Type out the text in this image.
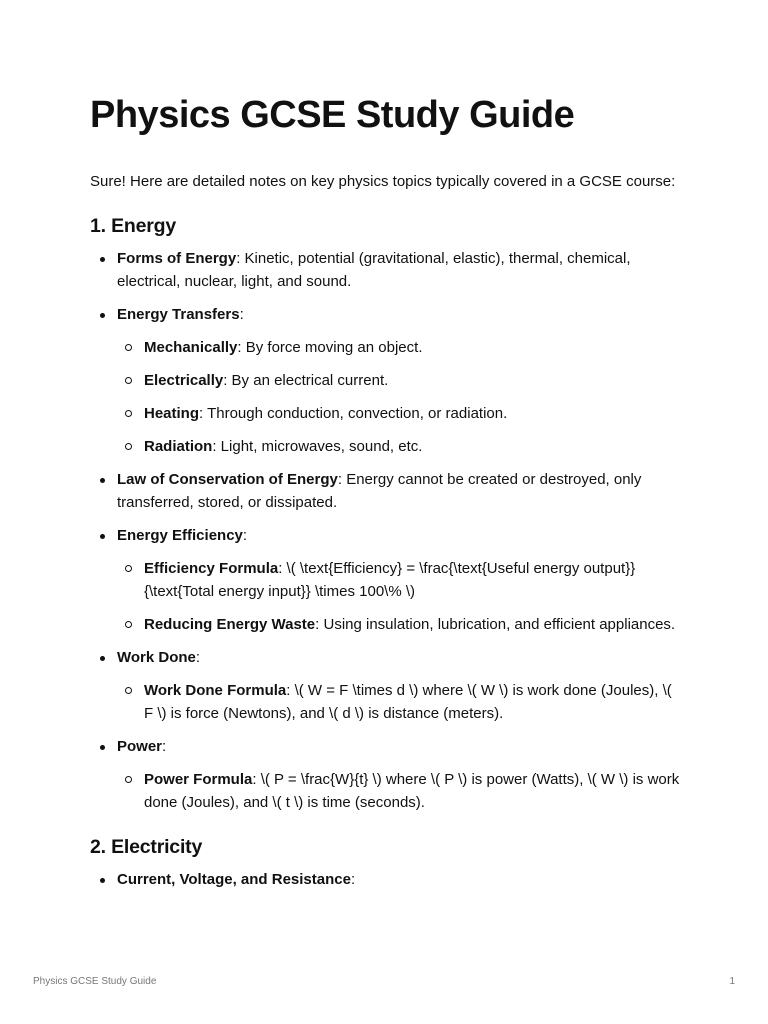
Physics GCSE Study Guide

Sure! Here are detailed notes on key physics topics typically covered in a GCSE course:

1. Energy
Forms of Energy: Kinetic, potential (gravitational, elastic), thermal, chemical, electrical, nuclear, light, and sound.
Energy Transfers:
Mechanically: By force moving an object.
Electrically: By an electrical current.
Heating: Through conduction, convection, or radiation.
Radiation: Light, microwaves, sound, etc.
Law of Conservation of Energy: Energy cannot be created or destroyed, only transferred, stored, or dissipated.
Energy Efficiency:
Efficiency Formula: \( \text{Efficiency} = \frac{\text{Useful energy output}}{\text{Total energy input}} \times 100\% \)
Reducing Energy Waste: Using insulation, lubrication, and efficient appliances.
Work Done:
Work Done Formula: \( W = F \times d \) where \( W \) is work done (Joules), \( F \) is force (Newtons), and \( d \) is distance (meters).
Power:
Power Formula: \( P = \frac{W}{t} \) where \( P \) is power (Watts), \( W \) is work done (Joules), and \( t \) is time (seconds).
2. Electricity
Current, Voltage, and Resistance:
Physics GCSE Study Guide	1
